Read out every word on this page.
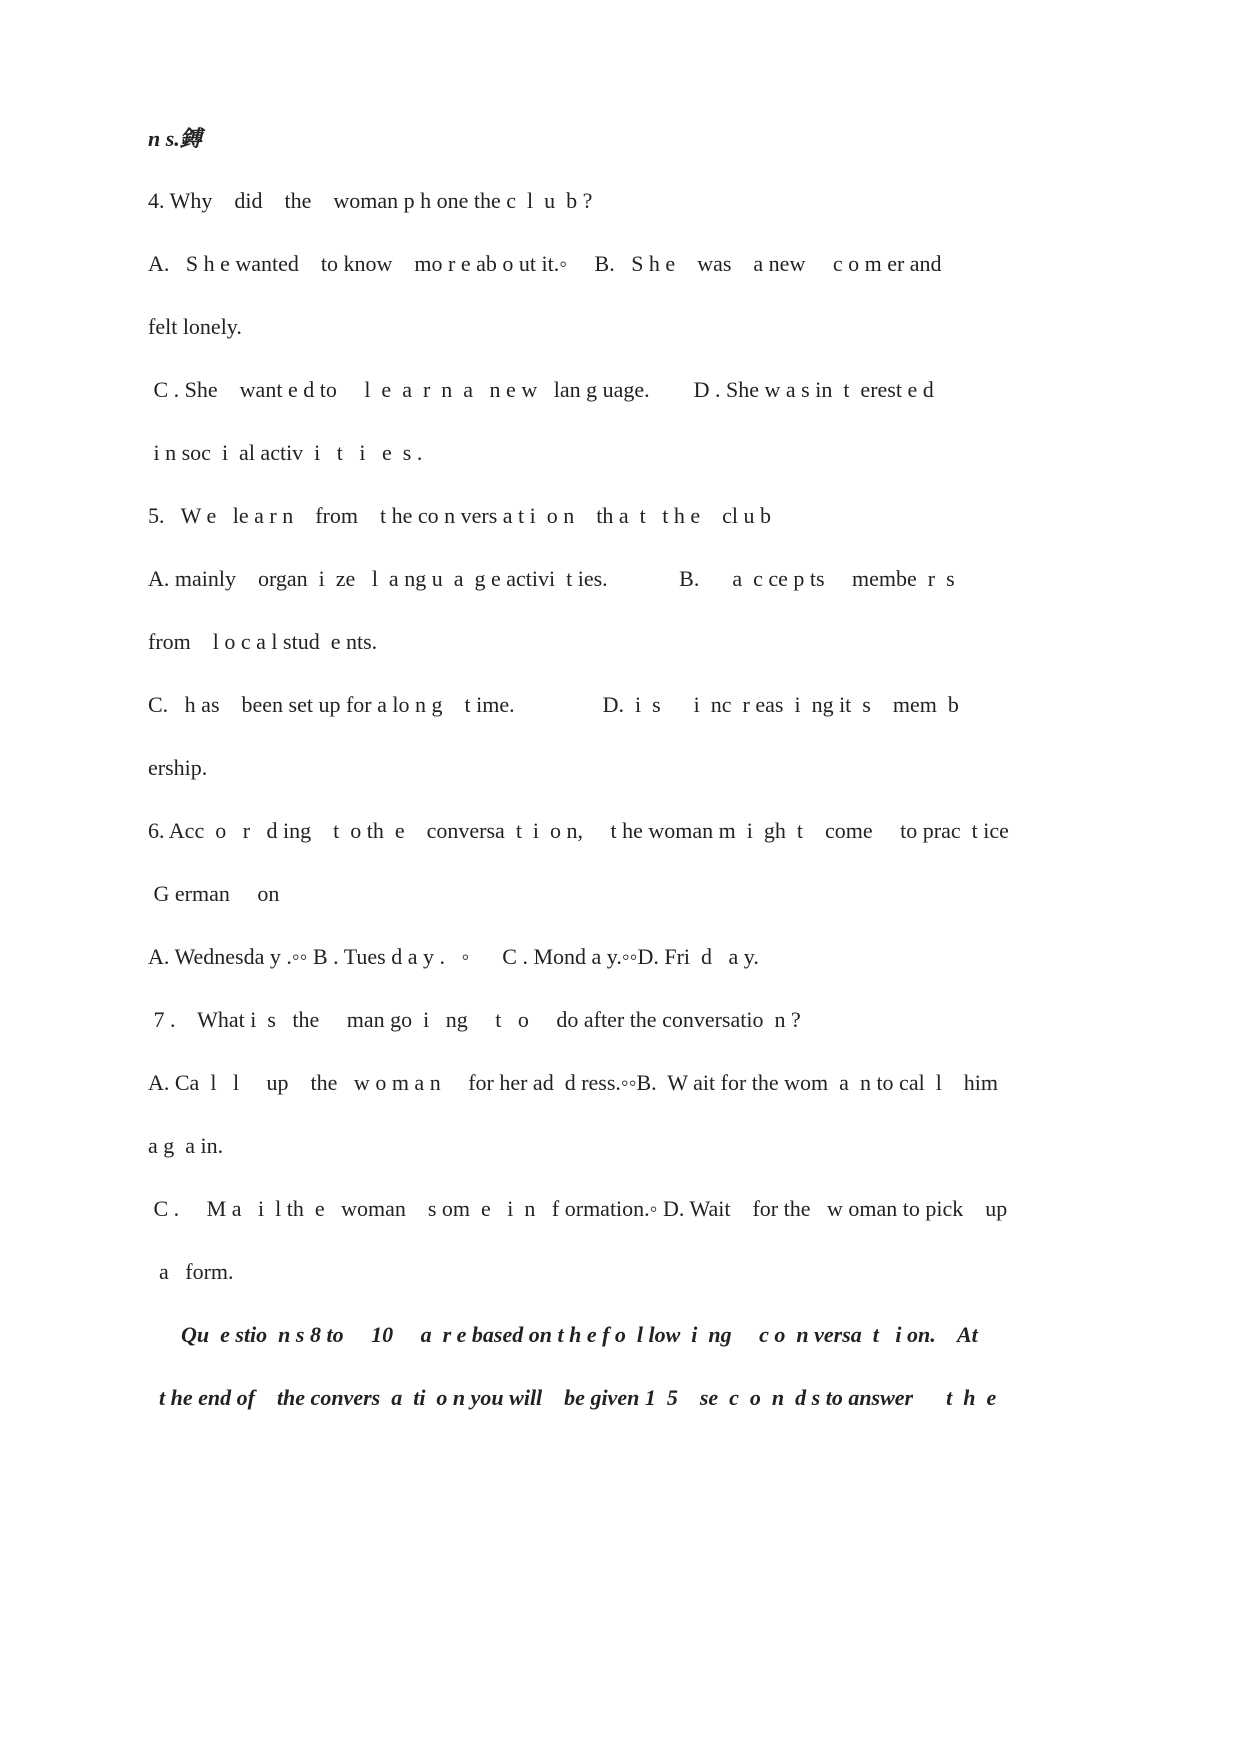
n s.鎛
4. Why    did    the    woman p h one the c  l  u  b ?
A.   S h e wanted    to know    mo r e ab o ut it.◦     B.   S h e    was    a new     c o m er and
felt lonely.
C . She    want e d to     l  e  a  r  n  a   n e w   lan g uage.        D . She w a s in  t  erest e d
i n soc  i  al activ  i   t   i   e  s .
5.   W e   le a r n    from    t he co n vers a t i  o n    th a  t   t h e    cl u b
A. mainly    organ  i  ze   l  a ng u  a  g e activi  t ies.             B.      a  c ce p ts     membe  r  s
from    l o c a l stud  e nts.
C.   h as    been set up for a lo n g    t ime.                D.  i  s      i  nc  r eas  i  ng it  s    mem  b
ership.
6. Acc  o   r   d ing    t  o th  e    conversa  t  i  o n,     t he woman m  i  gh  t    come     to prac  t ice
G erman     on
A. Wednesda y .◦◦ B . Tues d a y .   ◦      C . Mond a y.◦◦D. Fri  d   a y.
7 .    What i  s   the     man go  i   ng     t   o     do after the conversatio  n ?
A. Ca  l   l     up    the   w o m a n     for her ad  d ress.◦◦B.  W ait for the wom  a  n to cal  l    him
a g  a in.
C .     M a   i  l th  e   woman    s om  e   i  n   f ormation.◦ D. Wait    for the   w oman to pick    up
a   form.
Qu  e stio  n s 8 to     10     a  r e based on t h e f o  l low  i  ng     c o  n versa  t   i on.    At
t he end of    the convers  a  ti  o n you will    be given 1  5    se  c  o  n  d s to answer      t  h  e
